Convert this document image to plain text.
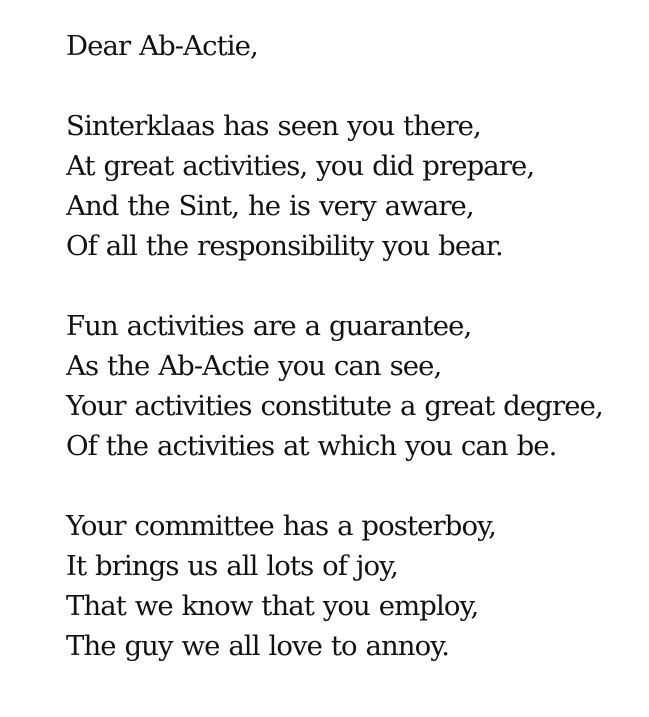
Dear Ab-Actie,
Sinterklaas has seen you there,
At great activities, you did prepare,
And the Sint, he is very aware,
Of all the responsibility you bear.
Fun activities are a guarantee,
As the Ab-Actie you can see,
Your activities constitute a great degree,
Of the activities at which you can be.
Your committee has a posterboy,
It brings us all lots of joy,
That we know that you employ,
The guy we all love to annoy.
